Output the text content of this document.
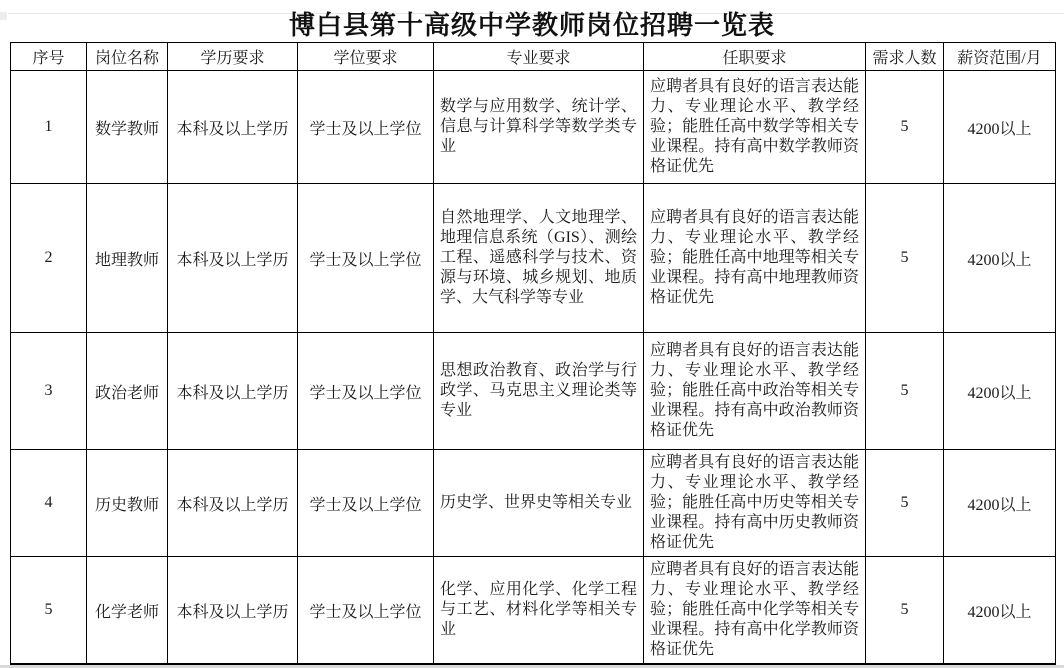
博白县第十高级中学教师岗位招聘一览表
序号	岗位名称	学历要求	学位要求	专业要求	任职要求	需求人数	薪资范围/月
1	数学教师	本科及以上学历	学士及以上学位	数学与应用数学、统计学、信息与计算科学等数学类专业	应聘者具有良好的语言表达能力、专业理论水平、教学经验；能胜任高中数学等相关专业课程。持有高中数学教师资格证优先	5	4200以上
2	地理教师	本科及以上学历	学士及以上学位	自然地理学、人文地理学、地理信息系统（GIS）、测绘工程、遥感科学与技术、资源与环境、城乡规划、地质学、大气科学等专业	应聘者具有良好的语言表达能力、专业理论水平、教学经验；能胜任高中地理等相关专业课程。持有高中地理教师资格证优先	5	4200以上
3	政治老师	本科及以上学历	学士及以上学位	思想政治教育、政治学与行政学、马克思主义理论类等专业	应聘者具有良好的语言表达能力、专业理论水平、教学经验；能胜任高中政治等相关专业课程。持有高中政治教师资格证优先	5	4200以上
4	历史教师	本科及以上学历	学士及以上学位	历史学、世界史等相关专业	应聘者具有良好的语言表达能力、专业理论水平、教学经验；能胜任高中历史等相关专业课程。持有高中历史教师资格证优先	5	4200以上
5	化学老师	本科及以上学历	学士及以上学位	化学、应用化学、化学工程与工艺、材料化学等相关专业	应聘者具有良好的语言表达能力、专业理论水平、教学经验；能胜任高中化学等相关专业课程。持有高中化学教师资格证优先	5	4200以上
